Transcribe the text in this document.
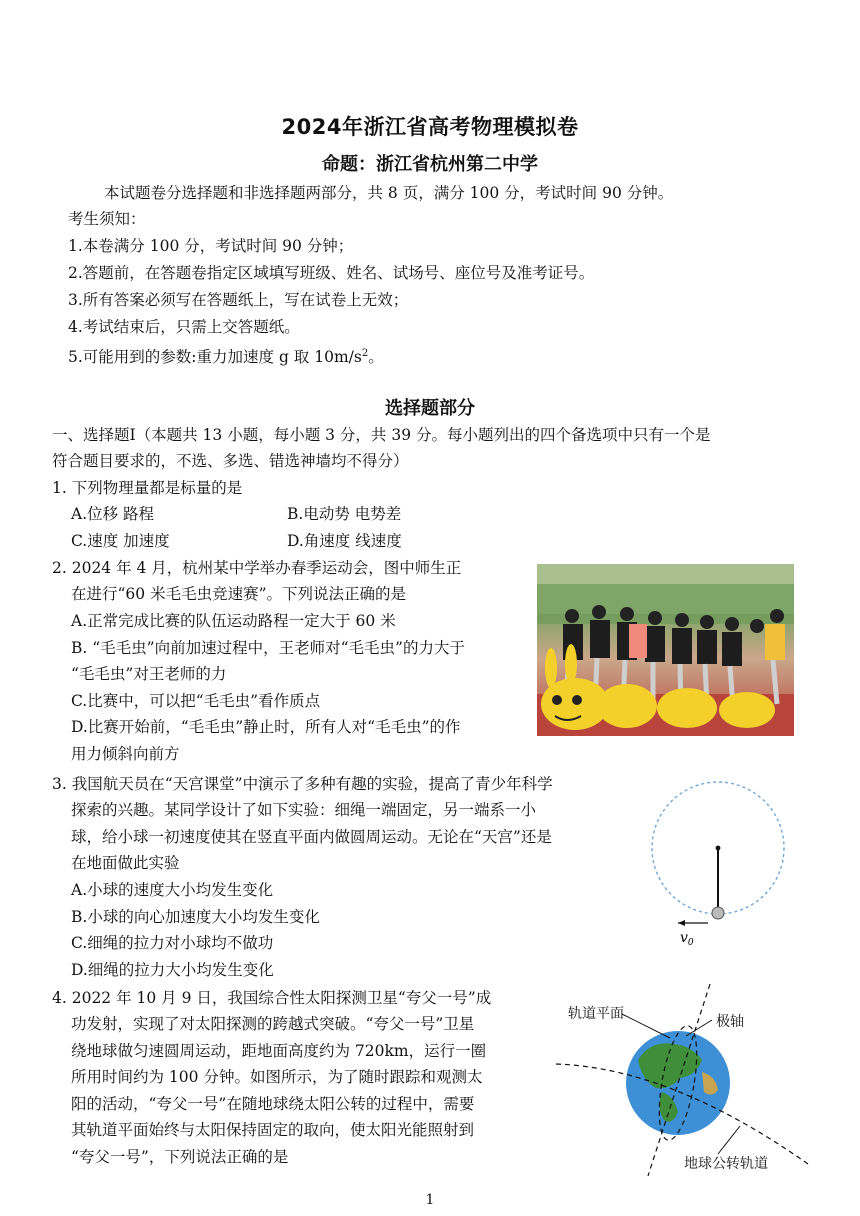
2024年浙江省高考物理模拟卷
命题：浙江省杭州第二中学
本试题卷分选择题和非选择题两部分，共 8 页，满分 100 分，考试时间 90 分钟。
考生须知：
1.本卷满分 100 分，考试时间 90 分钟；
2.答题前，在答题卷指定区域填写班级、姓名、试场号、座位号及准考证号。
3.所有答案必须写在答题纸上，写在试卷上无效；
4.考试结束后，只需上交答题纸。
5.可能用到的参数:重力加速度 g 取 $10m/s^2$。
选择题部分
一、选择题Ⅰ（本题共 13 小题，每小题 3 分，共 39 分。每小题列出的四个备选项中只有一个是
符合题目要求的，不选、多选、错选神墙均不得分）
1. 下列物理量都是标量的是
A.位移 路程	B.电动势 电势差
C.速度 加速度	D.角速度 线速度
2. 2024 年 4 月，杭州某中学举办春季运动会，图中师生正
在进行“60 米毛毛虫竞速赛”。下列说法正确的是
A.正常完成比赛的队伍运动路程一定大于 60 米
B. “毛毛虫”向前加速过程中，王老师对“毛毛虫”的力大于
“毛毛虫”对王老师的力
C.比赛中，可以把“毛毛虫”看作质点
D.比赛开始前，“毛毛虫”静止时，所有人对“毛毛虫”的作
用力倾斜向前方
3. 我国航天员在“天宫课堂”中演示了多种有趣的实验，提高了青少年科学
探索的兴趣。某同学设计了如下实验：细绳一端固定，另一端系一小
球，给小球一初速度使其在竖直平面内做圆周运动。无论在“天宫”还是
在地面做此实验
A.小球的速度大小均发生变化
B.小球的向心加速度大小均发生变化
C.细绳的拉力对小球均不做功
D.细绳的拉力大小均发生变化
$v_0$
4. 2022 年 10 月 9 日，我国综合性太阳探测卫星“夸父一号”成
功发射，实现了对太阳探测的跨越式突破。“夸父一号”卫星
绕地球做匀速圆周运动，距地面高度约为 720km，运行一圈
所用时间约为 100 分钟。如图所示，为了随时跟踪和观测太
阳的活动，“夸父一号”在随地球绕太阳公转的过程中，需要
其轨道平面始终与太阳保持固定的取向，使太阳光能照射到
“夸父一号”，下列说法正确的是
轨道平面	极轴
地球公转轨道
1
